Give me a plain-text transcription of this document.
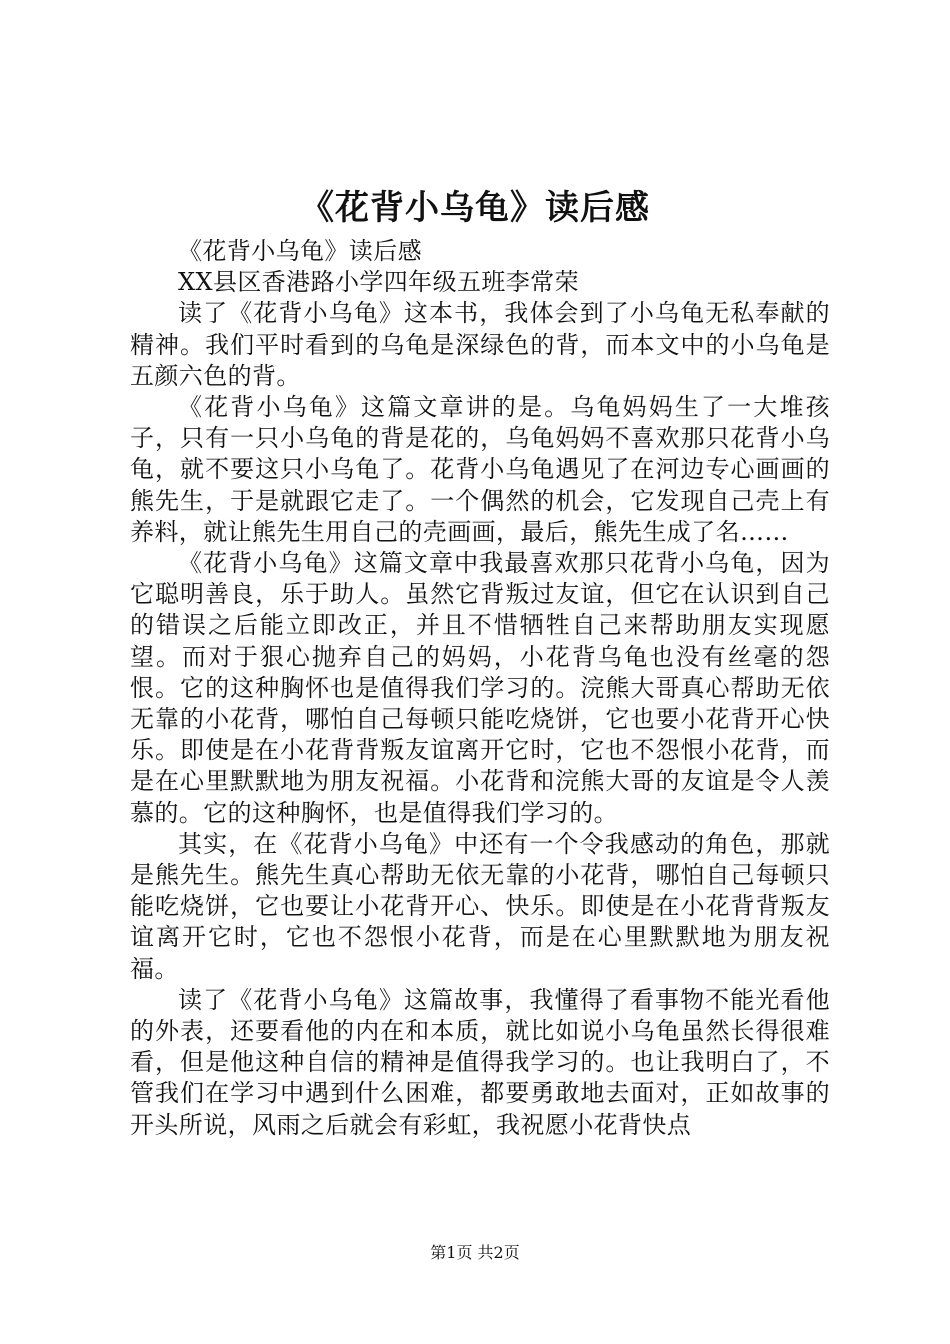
《花背小乌龟》读后感

《花背小乌龟》读后感

XX县区香港路小学四年级五班李常荣

读了《花背小乌龟》这本书，我体会到了小乌龟无私奉献的精神。我们平时看到的乌龟是深绿色的背，而本文中的小乌龟是五颜六色的背。

《花背小乌龟》这篇文章讲的是。乌龟妈妈生了一大堆孩子，只有一只小乌龟的背是花的，乌龟妈妈不喜欢那只花背小乌龟，就不要这只小乌龟了。花背小乌龟遇见了在河边专心画画的熊先生，于是就跟它走了。一个偶然的机会，它发现自己壳上有养料，就让熊先生用自己的壳画画，最后，熊先生成了名……

《花背小乌龟》这篇文章中我最喜欢那只花背小乌龟，因为它聪明善良，乐于助人。虽然它背叛过友谊，但它在认识到自己的错误之后能立即改正，并且不惜牺牲自己来帮助朋友实现愿望。而对于狠心抛弃自己的妈妈，小花背乌龟也没有丝毫的怨恨。它的这种胸怀也是值得我们学习的。浣熊大哥真心帮助无依无靠的小花背，哪怕自己每顿只能吃烧饼，它也要小花背开心快乐。即使是在小花背背叛友谊离开它时，它也不怨恨小花背，而是在心里默默地为朋友祝福。小花背和浣熊大哥的友谊是令人羡慕的。它的这种胸怀，也是值得我们学习的。

其实，在《花背小乌龟》中还有一个令我感动的角色，那就是熊先生。熊先生真心帮助无依无靠的小花背，哪怕自己每顿只能吃烧饼，它也要让小花背开心、快乐。即使是在小花背背叛友谊离开它时，它也不怨恨小花背，而是在心里默默地为朋友祝福。

读了《花背小乌龟》这篇故事，我懂得了看事物不能光看他的外表，还要看他的内在和本质，就比如说小乌龟虽然长得很难看，但是他这种自信的精神是值得我学习的。也让我明白了，不管我们在学习中遇到什么困难，都要勇敢地去面对，正如故事的开头所说，风雨之后就会有彩虹，我祝愿小花背快点

第1页 共2页
